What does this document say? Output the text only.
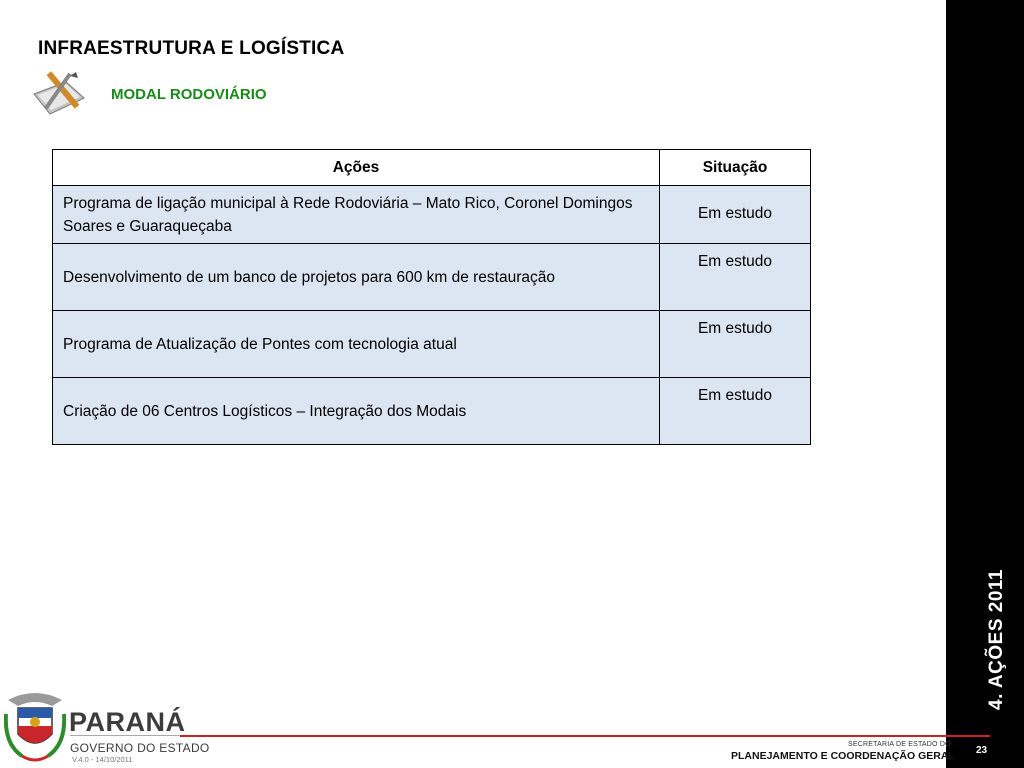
INFRAESTRUTURA E LOGÍSTICA
MODAL RODOVIÁRIO
Ações	Situação
Programa de ligação municipal à Rede Rodoviária – Mato Rico, Coronel Domingos Soares e Guaraqueçaba	Em estudo
Desenvolvimento de um banco de projetos para 600 km de restauração	Em estudo
Programa de Atualização de Pontes com tecnologia atual	Em estudo
Criação de 06 Centros Logísticos – Integração dos Modais	Em estudo
4. AÇÕES 2011
23
SECRETARIA DE ESTADO DO
PLANEJAMENTO E COORDENAÇÃO GERAL
PARANÁ
GOVERNO DO ESTADO
V.4.0 - 14/10/2011
